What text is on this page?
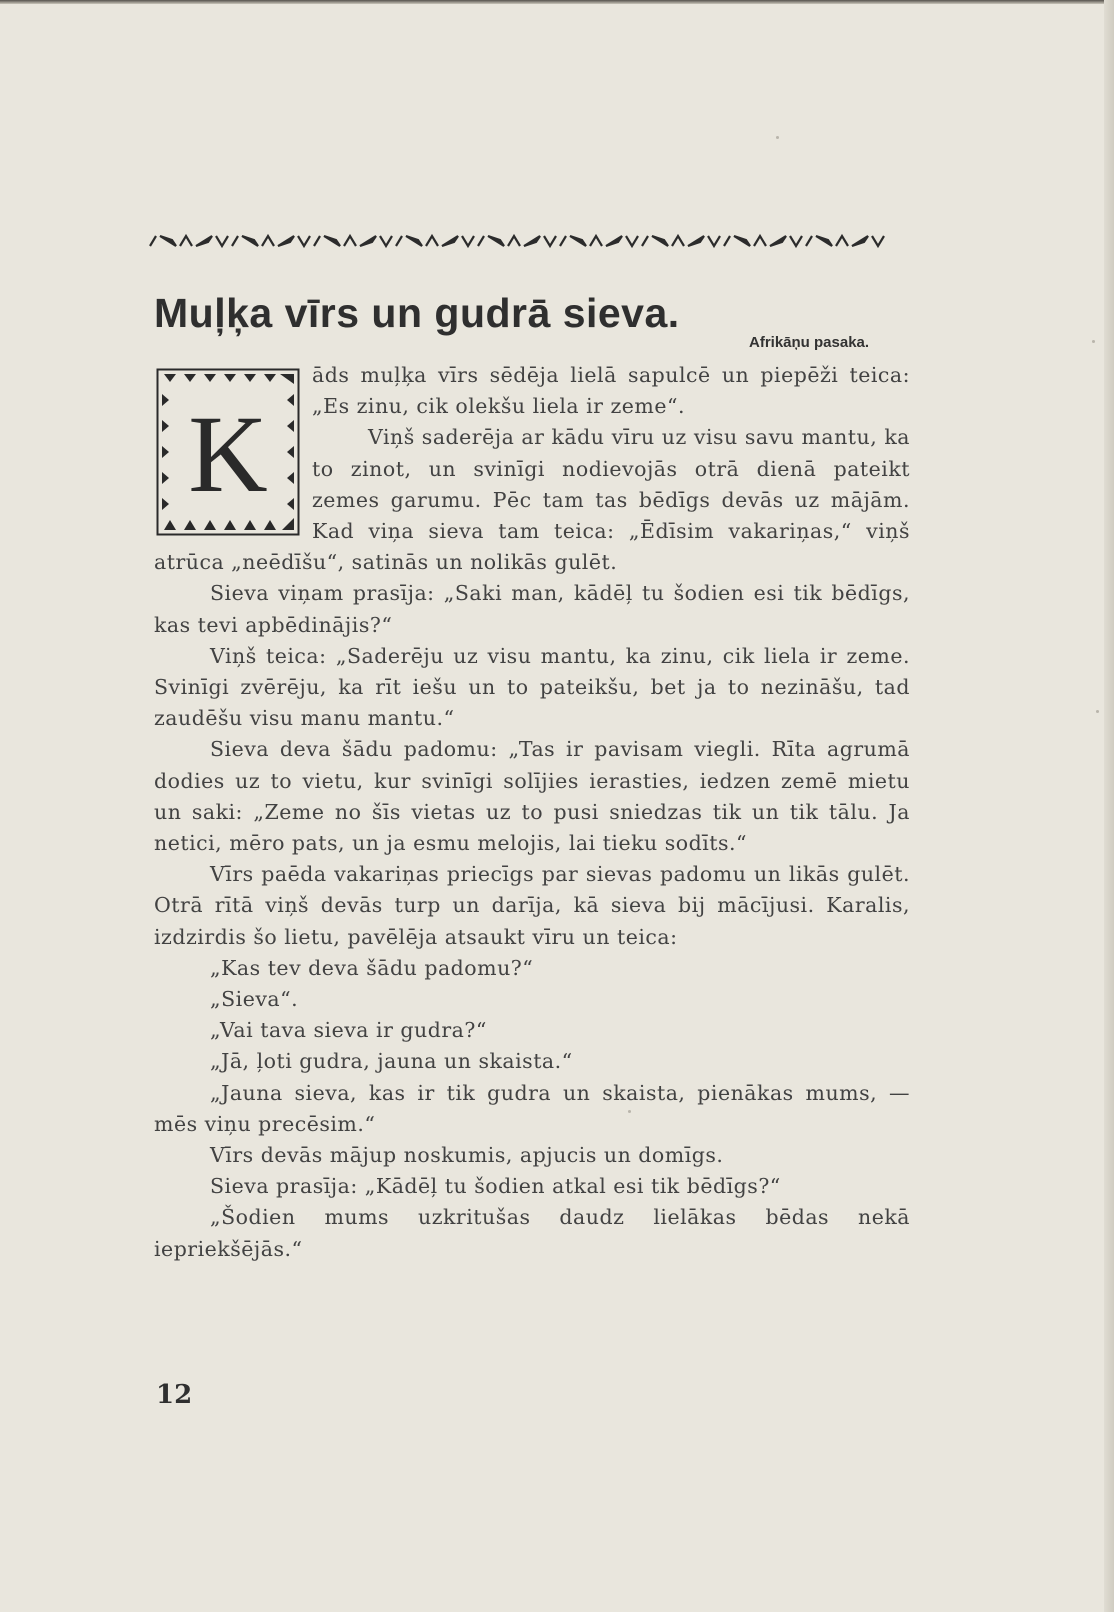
Muļķa vīrs un gudrā sieva.
Afrikāņu pasaka.
K

āds muļķa vīrs sēdēja lielā sapulcē un piepēži teica: „Es zinu, cik olekšu liela ir zeme“.

Viņš saderēja ar kādu vīru uz visu savu mantu, ka to zinot, un svinīgi nodievojās otrā dienā pateikt zemes garumu. Pēc tam tas bēdīgs devās uz mājām. Kad viņa sieva tam teica: „Ēdīsim vakariņas,“ viņš atrūca „neēdīšu“, satinās un nolikās gulēt.

Sieva viņam prasīja: „Saki man, kādēļ tu šodien esi tik bēdīgs, kas tevi apbēdinājis?“

Viņš teica: „Saderēju uz visu mantu, ka zinu, cik liela ir zeme. Svinīgi zvērēju, ka rīt iešu un to pateikšu, bet ja to nezināšu, tad zaudēšu visu manu mantu.“

Sieva deva šādu padomu: „Tas ir pavisam viegli. Rīta agrumā dodies uz to vietu, kur svinīgi solījies ierasties, iedzen zemē mietu un saki: „Zeme no šīs vietas uz to pusi sniedzas tik un tik tālu. Ja netici, mēro pats, un ja esmu melojis, lai tieku sodīts.“

Vīrs paēda vakariņas priecīgs par sievas padomu un likās gulēt. Otrā rītā viņš devās turp un darīja, kā sieva bij mācījusi. Karalis, izdzirdis šo lietu, pavēlēja atsaukt vīru un teica:

„Kas tev deva šādu padomu?“

„Sieva“.

„Vai tava sieva ir gudra?“

„Jā, ļoti gudra, jauna un skaista.“

„Jauna sieva, kas ir tik gudra un skaista, pienākas mums, — mēs viņu precēsim.“

Vīrs devās mājup noskumis, apjucis un domīgs.

Sieva prasīja: „Kādēļ tu šodien atkal esi tik bēdīgs?“

„Šodien mums uzkritušas daudz lielākas bēdas nekā iepriekšējās.“

12
